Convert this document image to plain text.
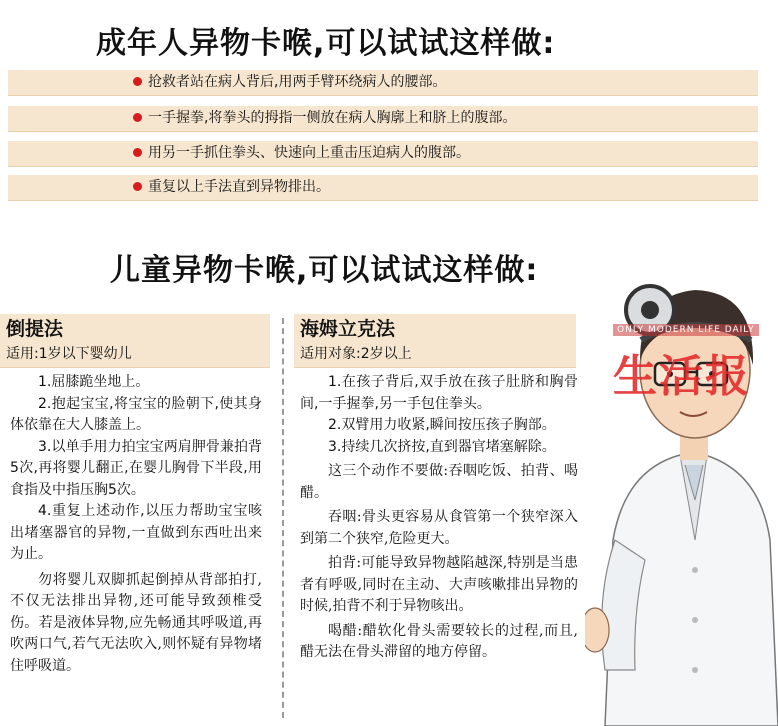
成年人异物卡喉,可以试试这样做:
抢救者站在病人背后,用两手臂环绕病人的腰部。
一手握拳,将拳头的拇指一侧放在病人胸廓上和脐上的腹部。
用另一手抓住拳头、快速向上重击压迫病人的腹部。
重复以上手法直到异物排出。
儿童异物卡喉,可以试试这样做:
倒提法
适用:1岁以下婴幼儿

1.屈膝跪坐地上。

2.抱起宝宝,将宝宝的脸朝下,使其身体依靠在大人膝盖上。

3.以单手用力拍宝宝两肩胛骨兼拍背5次,再将婴儿翻正,在婴儿胸骨下半段,用食指及中指压胸5次。

4.重复上述动作,以压力帮助宝宝咳出堵塞器官的异物,一直做到东西吐出来为止。

勿将婴儿双脚抓起倒掉从背部拍打,不仅无法排出异物,还可能导致颈椎受伤。若是液体异物,应先畅通其呼吸道,再吹两口气,若气无法吹入,则怀疑有异物堵住呼吸道。

海姆立克法
适用对象:2岁以上

1.在孩子背后,双手放在孩子肚脐和胸骨间,一手握拳,另一手包住拳头。

2.双臂用力收紧,瞬间按压孩子胸部。

3.持续几次挤按,直到器官堵塞解除。

这三个动作不要做:吞咽吃饭、拍背、喝醋。

吞咽:骨头更容易从食管第一个狭窄深入到第二个狭窄,危险更大。

拍背:可能导致异物越陷越深,特别是当患者有呼吸,同时在主动、大声咳嗽排出异物的时候,拍背不利于异物咳出。

喝醋:醋软化骨头需要较长的过程,而且,醋无法在骨头滞留的地方停留。

ONLY MODERN LIFE DAILY
生活报
